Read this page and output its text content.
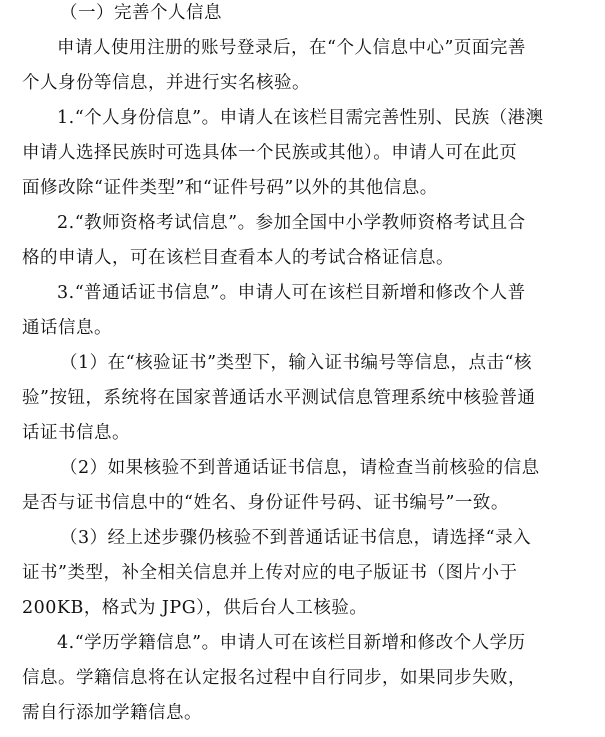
（一）完善个人信息
申请人使用注册的账号登录后，在“个人信息中心”页面完善
个人身份等信息，并进行实名核验。
1.“个人身份信息”。申请人在该栏目需完善性别、民族（港澳
申请人选择民族时可选具体一个民族或其他）。申请人可在此页
面修改除“证件类型”和“证件号码”以外的其他信息。
2.“教师资格考试信息”。参加全国中小学教师资格考试且合
格的申请人，可在该栏目查看本人的考试合格证信息。
3.“普通话证书信息”。申请人可在该栏目新增和修改个人普
通话信息。
（1）在“核验证书”类型下，输入证书编号等信息，点击“核
验”按钮，系统将在国家普通话水平测试信息管理系统中核验普通
话证书信息。
（2）如果核验不到普通话证书信息，请检查当前核验的信息
是否与证书信息中的“姓名、身份证件号码、证书编号”一致。
（3）经上述步骤仍核验不到普通话证书信息，请选择“录入
证书”类型，补全相关信息并上传对应的电子版证书（图片小于
200KB，格式为 JPG），供后台人工核验。
4.“学历学籍信息”。申请人可在该栏目新增和修改个人学历
信息。学籍信息将在认定报名过程中自行同步，如果同步失败，
需自行添加学籍信息。
